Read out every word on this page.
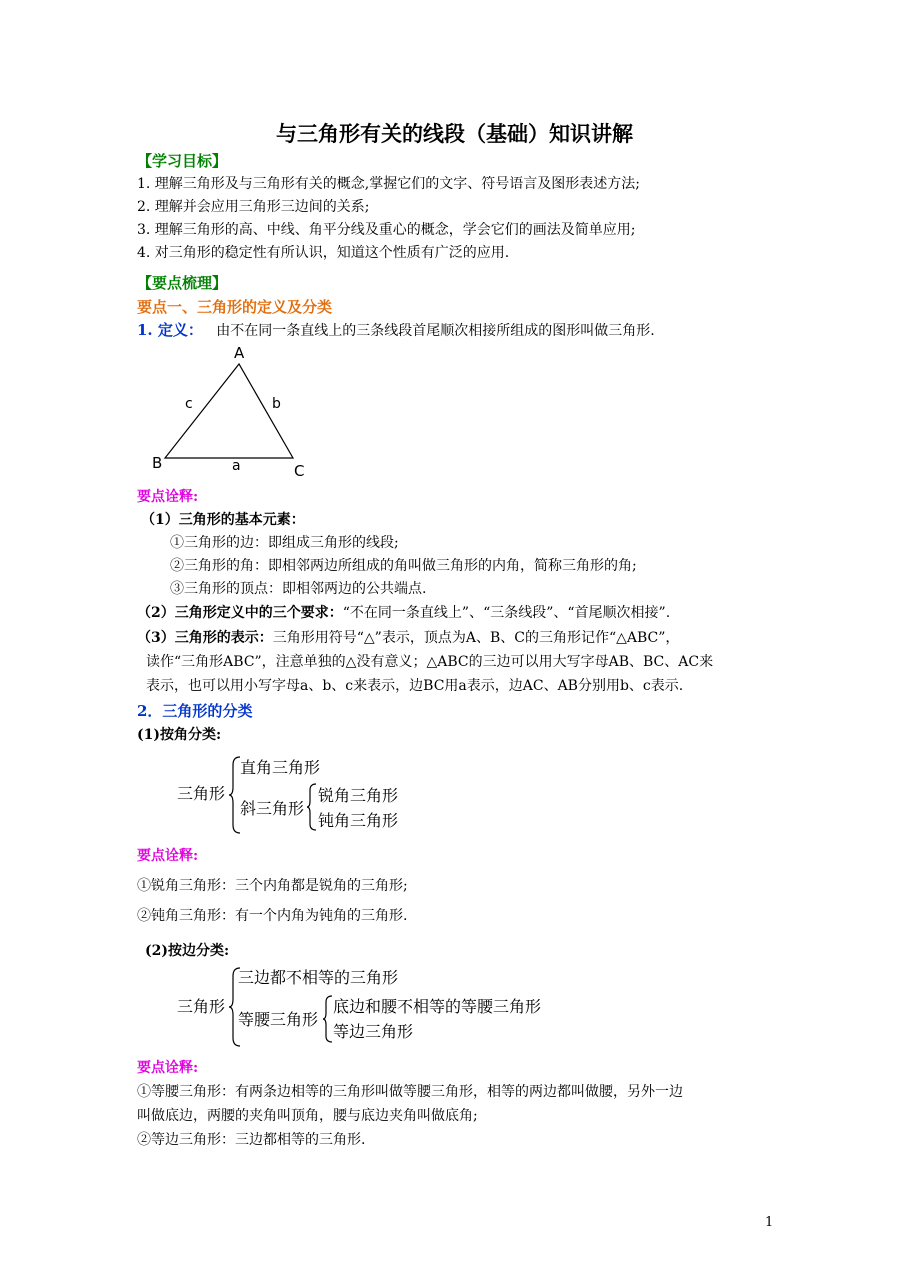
与三角形有关的线段（基础）知识讲解
【学习目标】
1. 理解三角形及与三角形有关的概念,掌握它们的文字、符号语言及图形表述方法;
2. 理解并会应用三角形三边间的关系;
3. 理解三角形的高、中线、角平分线及重心的概念，学会它们的画法及简单应用;
4. 对三角形的稳定性有所认识，知道这个性质有广泛的应用.
【要点梳理】
要点一、三角形的定义及分类
1. 定义： 由不在同一条直线上的三条线段首尾顺次相接所组成的图形叫做三角形.
A
B	C
c	b
a
要点诠释:
（1）三角形的基本元素：
①三角形的边：即组成三角形的线段;
②三角形的角：即相邻两边所组成的角叫做三角形的内角，简称三角形的角;
③三角形的顶点：即相邻两边的公共端点.
（2）三角形定义中的三个要求：“不在同一条直线上”、“三条线段”、“首尾顺次相接”.
（3）三角形的表示：三角形用符号“△”表示，顶点为A、B、C的三角形记作“△ABC”，
读作“三角形ABC”，注意单独的△没有意义；△ABC的三边可以用大写字母AB、BC、AC来
表示，也可以用小写字母a、b、c来表示，边BC用a表示，边AC、AB分别用b、c表示.
2．三角形的分类
(1)按角分类:
三角形
直角三角形
斜三角形
锐角三角形
钝角三角形
要点诠释:
①锐角三角形：三个内角都是锐角的三角形;
②钝角三角形：有一个内角为钝角的三角形.
(2)按边分类:
三角形
三边都不相等的三角形
等腰三角形
底边和腰不相等的等腰三角形
等边三角形
要点诠释:
①等腰三角形：有两条边相等的三角形叫做等腰三角形，相等的两边都叫做腰，另外一边
叫做底边，两腰的夹角叫顶角，腰与底边夹角叫做底角;
②等边三角形：三边都相等的三角形.
1
